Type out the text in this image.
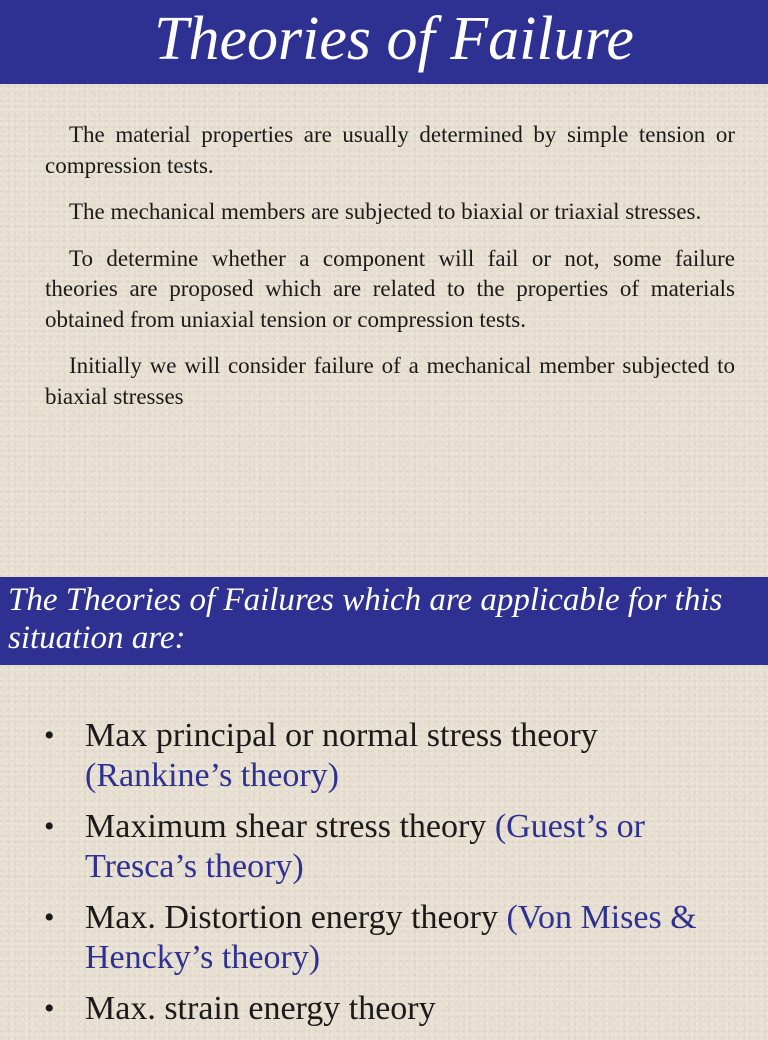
Theories of Failure

The material properties are usually determined by simple tension or compression tests.

The mechanical members are subjected to biaxial or triaxial stresses.

To determine whether a component will fail or not, some failure theories are proposed which are related to the properties of materials obtained from uniaxial tension or compression tests.

Initially we will consider failure of a mechanical member subjected to biaxial stresses

The Theories of Failures which are applicable for this situation are:

• Max principal or normal stress theory
(Rankine’s theory)
• Maximum shear stress theory (Guest’s or Tresca’s theory)
• Max. Distortion energy theory (Von Mises & Hencky’s theory)
• Max. strain energy theory
